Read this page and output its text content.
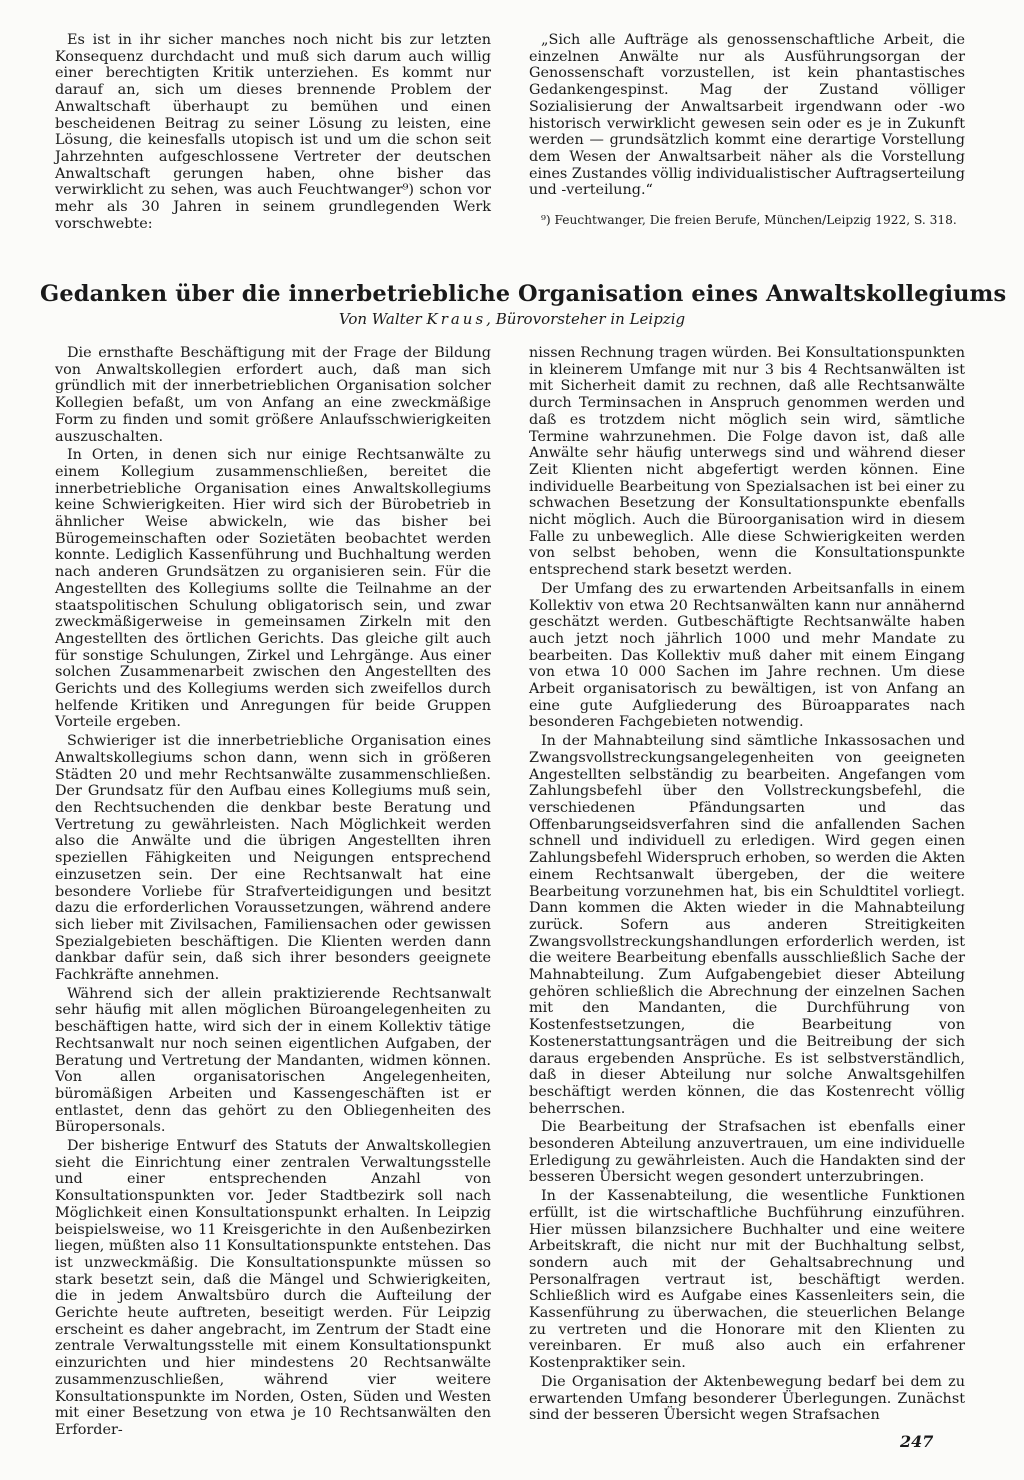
Es ist in ihr sicher manches noch nicht bis zur letzten Konsequenz durchdacht und muß sich darum auch willig einer berechtigten Kritik unterziehen. Es kommt nur darauf an, sich um dieses brennende Problem der Anwaltschaft überhaupt zu bemühen und einen bescheidenen Beitrag zu seiner Lösung zu leisten, eine Lösung, die keinesfalls utopisch ist und um die schon seit Jahrzehnten aufgeschlossene Vertreter der deutschen Anwaltschaft gerungen haben, ohne bisher das verwirklicht zu sehen, was auch Feuchtwanger⁹) schon vor mehr als 30 Jahren in seinem grundlegenden Werk vorschwebte:

„Sich alle Aufträge als genossenschaftliche Arbeit, die einzelnen Anwälte nur als Ausführungsorgan der Genossenschaft vorzustellen, ist kein phantastisches Gedankengespinst. Mag der Zustand völliger Sozialisierung der Anwaltsarbeit irgendwann oder -wo historisch verwirklicht gewesen sein oder es je in Zukunft werden — grundsätzlich kommt eine derartige Vorstellung dem Wesen der Anwaltsarbeit näher als die Vorstellung eines Zustandes völlig individualistischer Auftragserteilung und -verteilung.“

⁹) Feuchtwanger, Die freien Berufe, München/Leipzig 1922, S. 318.

Gedanken über die innerbetriebliche Organisation eines Anwaltskollegiums
Von Walter Kraus, Bürovorsteher in Leipzig

Die ernsthafte Beschäftigung mit der Frage der Bildung von Anwaltskollegien erfordert auch, daß man sich gründlich mit der innerbetrieblichen Organisation solcher Kollegien befaßt, um von Anfang an eine zweckmäßige Form zu finden und somit größere Anlaufsschwierigkeiten auszuschalten.

In Orten, in denen sich nur einige Rechtsanwälte zu einem Kollegium zusammenschließen, bereitet die innerbetriebliche Organisation eines Anwaltskollegiums keine Schwierigkeiten. Hier wird sich der Bürobetrieb in ähnlicher Weise abwickeln, wie das bisher bei Bürogemeinschaften oder Sozietäten beobachtet werden konnte. Lediglich Kassenführung und Buchhaltung werden nach anderen Grundsätzen zu organisieren sein. Für die Angestellten des Kollegiums sollte die Teilnahme an der staatspolitischen Schulung obligatorisch sein, und zwar zweckmäßigerweise in gemeinsamen Zirkeln mit den Angestellten des örtlichen Gerichts. Das gleiche gilt auch für sonstige Schulungen, Zirkel und Lehrgänge. Aus einer solchen Zusammenarbeit zwischen den Angestellten des Gerichts und des Kollegiums werden sich zweifellos durch helfende Kritiken und Anregungen für beide Gruppen Vorteile ergeben.

Schwieriger ist die innerbetriebliche Organisation eines Anwaltskollegiums schon dann, wenn sich in größeren Städten 20 und mehr Rechtsanwälte zusammenschließen. Der Grundsatz für den Aufbau eines Kollegiums muß sein, den Rechtsuchenden die denkbar beste Beratung und Vertretung zu gewährleisten. Nach Möglichkeit werden also die Anwälte und die übrigen Angestellten ihren speziellen Fähigkeiten und Neigungen entsprechend einzusetzen sein. Der eine Rechtsanwalt hat eine besondere Vorliebe für Strafverteidigungen und besitzt dazu die erforderlichen Voraussetzungen, während andere sich lieber mit Zivilsachen, Familiensachen oder gewissen Spezialgebieten beschäftigen. Die Klienten werden dann dankbar dafür sein, daß sich ihrer besonders geeignete Fachkräfte annehmen.

Während sich der allein praktizierende Rechtsanwalt sehr häufig mit allen möglichen Büroangelegenheiten zu beschäftigen hatte, wird sich der in einem Kollektiv tätige Rechtsanwalt nur noch seinen eigentlichen Aufgaben, der Beratung und Vertretung der Mandanten, widmen können. Von allen organisatorischen Angelegenheiten, büromäßigen Arbeiten und Kassengeschäften ist er entlastet, denn das gehört zu den Obliegenheiten des Büropersonals.

Der bisherige Entwurf des Statuts der Anwaltskollegien sieht die Einrichtung einer zentralen Verwaltungsstelle und einer entsprechenden Anzahl von Konsultationspunkten vor. Jeder Stadtbezirk soll nach Möglichkeit einen Konsultationspunkt erhalten. In Leipzig beispielsweise, wo 11 Kreisgerichte in den Außenbezirken liegen, müßten also 11 Konsultationspunkte entstehen. Das ist unzweckmäßig. Die Konsultationspunkte müssen so stark besetzt sein, daß die Mängel und Schwierigkeiten, die in jedem Anwaltsbüro durch die Aufteilung der Gerichte heute auftreten, beseitigt werden. Für Leipzig erscheint es daher angebracht, im Zentrum der Stadt eine zentrale Verwaltungsstelle mit einem Konsultationspunkt einzurichten und hier mindestens 20 Rechtsanwälte zusammenzuschließen, während vier weitere Konsultationspunkte im Norden, Osten, Süden und Westen mit einer Besetzung von etwa je 10 Rechtsanwälten den Erforder-

nissen Rechnung tragen würden. Bei Konsultationspunkten in kleinerem Umfange mit nur 3 bis 4 Rechtsanwälten ist mit Sicherheit damit zu rechnen, daß alle Rechtsanwälte durch Terminsachen in Anspruch genommen werden und daß es trotzdem nicht möglich sein wird, sämtliche Termine wahrzunehmen. Die Folge davon ist, daß alle Anwälte sehr häufig unterwegs sind und während dieser Zeit Klienten nicht abgefertigt werden können. Eine individuelle Bearbeitung von Spezialsachen ist bei einer zu schwachen Besetzung der Konsultationspunkte ebenfalls nicht möglich. Auch die Büroorganisation wird in diesem Falle zu unbeweglich. Alle diese Schwierigkeiten werden von selbst behoben, wenn die Konsultationspunkte entsprechend stark besetzt werden.

Der Umfang des zu erwartenden Arbeitsanfalls in einem Kollektiv von etwa 20 Rechtsanwälten kann nur annähernd geschätzt werden. Gutbeschäftigte Rechtsanwälte haben auch jetzt noch jährlich 1000 und mehr Mandate zu bearbeiten. Das Kollektiv muß daher mit einem Eingang von etwa 10 000 Sachen im Jahre rechnen. Um diese Arbeit organisatorisch zu bewältigen, ist von Anfang an eine gute Aufgliederung des Büroapparates nach besonderen Fachgebieten notwendig.

In der Mahnabteilung sind sämtliche Inkassosachen und Zwangsvollstreckungsangelegenheiten von geeigneten Angestellten selbständig zu bearbeiten. Angefangen vom Zahlungsbefehl über den Vollstreckungsbefehl, die verschiedenen Pfändungsarten und das Offenbarungseidsverfahren sind die anfallenden Sachen schnell und individuell zu erledigen. Wird gegen einen Zahlungsbefehl Widerspruch erhoben, so werden die Akten einem Rechtsanwalt übergeben, der die weitere Bearbeitung vorzunehmen hat, bis ein Schuldtitel vorliegt. Dann kommen die Akten wieder in die Mahnabteilung zurück. Sofern aus anderen Streitigkeiten Zwangsvollstreckungshandlungen erforderlich werden, ist die weitere Bearbeitung ebenfalls ausschließlich Sache der Mahnabteilung. Zum Aufgabengebiet dieser Abteilung gehören schließlich die Abrechnung der einzelnen Sachen mit den Mandanten, die Durchführung von Kostenfestsetzungen, die Bearbeitung von Kostenerstattungsanträgen und die Beitreibung der sich daraus ergebenden Ansprüche. Es ist selbstverständlich, daß in dieser Abteilung nur solche Anwaltsgehilfen beschäftigt werden können, die das Kostenrecht völlig beherrschen.

Die Bearbeitung der Strafsachen ist ebenfalls einer besonderen Abteilung anzuvertrauen, um eine individuelle Erledigung zu gewährleisten. Auch die Handakten sind der besseren Übersicht wegen gesondert unterzubringen.

In der Kassenabteilung, die wesentliche Funktionen erfüllt, ist die wirtschaftliche Buchführung einzuführen. Hier müssen bilanzsichere Buchhalter und eine weitere Arbeitskraft, die nicht nur mit der Buchhaltung selbst, sondern auch mit der Gehaltsabrechnung und Personalfragen vertraut ist, beschäftigt werden. Schließlich wird es Aufgabe eines Kassenleiters sein, die Kassenführung zu überwachen, die steuerlichen Belange zu vertreten und die Honorare mit den Klienten zu vereinbaren. Er muß also auch ein erfahrener Kostenpraktiker sein.

Die Organisation der Aktenbewegung bedarf bei dem zu erwartenden Umfang besonderer Überlegungen. Zunächst sind der besseren Übersicht wegen Strafsachen

247
